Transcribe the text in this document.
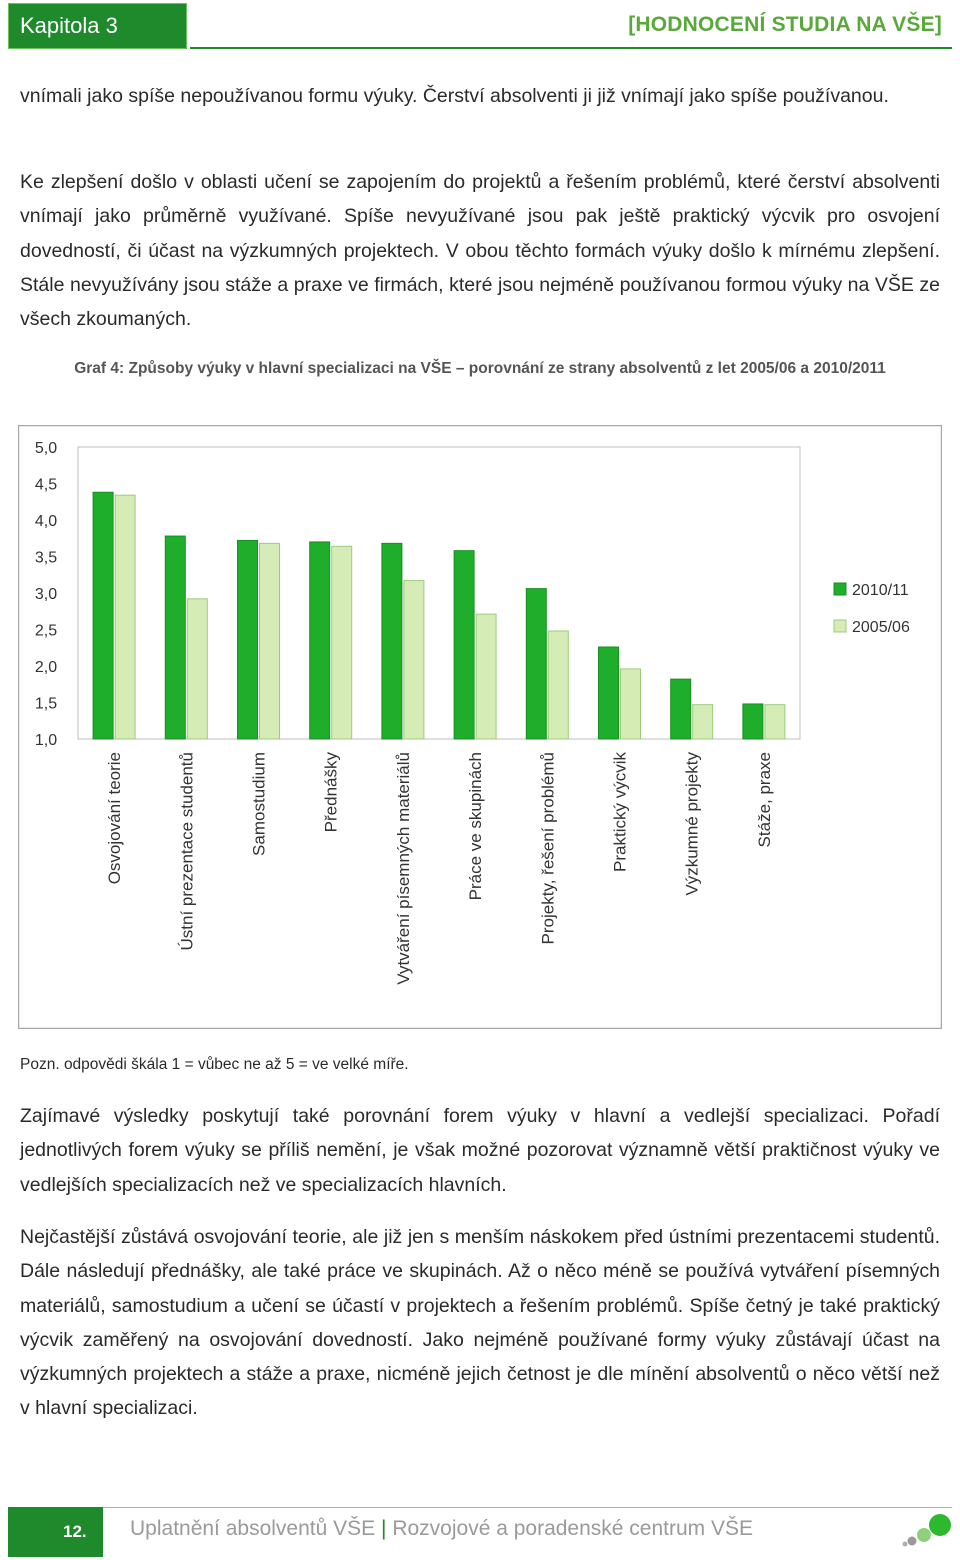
Kapitola 3	[HODNOCENÍ STUDIA NA VŠE]

vnímali jako spíše nepoužívanou formu výuky. Čerství absolventi ji již vnímají jako spíše používanou.

Ke zlepšení došlo v oblasti učení se zapojením do projektů a řešením problémů, které čerství absolventi vnímají jako průměrně využívané. Spíše nevyužívané jsou pak ještě praktický výcvik pro osvojení dovedností, či účast na výzkumných projektech. V obou těchto formách výuky došlo k mírnému zlepšení. Stále nevyužívány jsou stáže a praxe ve firmách, které jsou nejméně používanou formou výuky na VŠE ze všech zkoumaných.

Graf 4: Způsoby výuky v hlavní specializaci na VŠE – porovnání ze strany absolventů z let 2005/06 a 2010/2011
5,0
4,5
4,0
3,5
3,0
2,5
2,0
1,5
1,0
Osvojování teorie	Ústní prezentace studentů	Samostudium	Přednášky	Vytváření písemných materiálů	Práce ve skupinách	Projekty, řešení problémů	Praktický výcvik	Výzkumné projekty	Stáže, praxe
2010/11
2005/06
Pozn. odpovědi škála 1 = vůbec ne až 5 = ve velké míře.

Zajímavé výsledky poskytují také porovnání forem výuky v hlavní a vedlejší specializaci. Pořadí jednotlivých forem výuky se příliš nemění, je však možné pozorovat významně větší praktičnost výuky ve vedlejších specializacích než ve specializacích hlavních.

Nejčastější zůstává osvojování teorie, ale již jen s menším náskokem před ústními prezentacemi studentů. Dále následují přednášky, ale také práce ve skupinách. Až o něco méně se používá vytváření písemných materiálů, samostudium a učení se účastí v projektech a řešením problémů. Spíše četný je také praktický výcvik zaměřený na osvojování dovedností. Jako nejméně používané formy výuky zůstávají účast na výzkumných projektech a stáže a praxe, nicméně jejich četnost je dle mínění absolventů o něco větší než v hlavní specializaci.

12. Uplatnění absolventů VŠE | Rozvojové a poradenské centrum VŠE
